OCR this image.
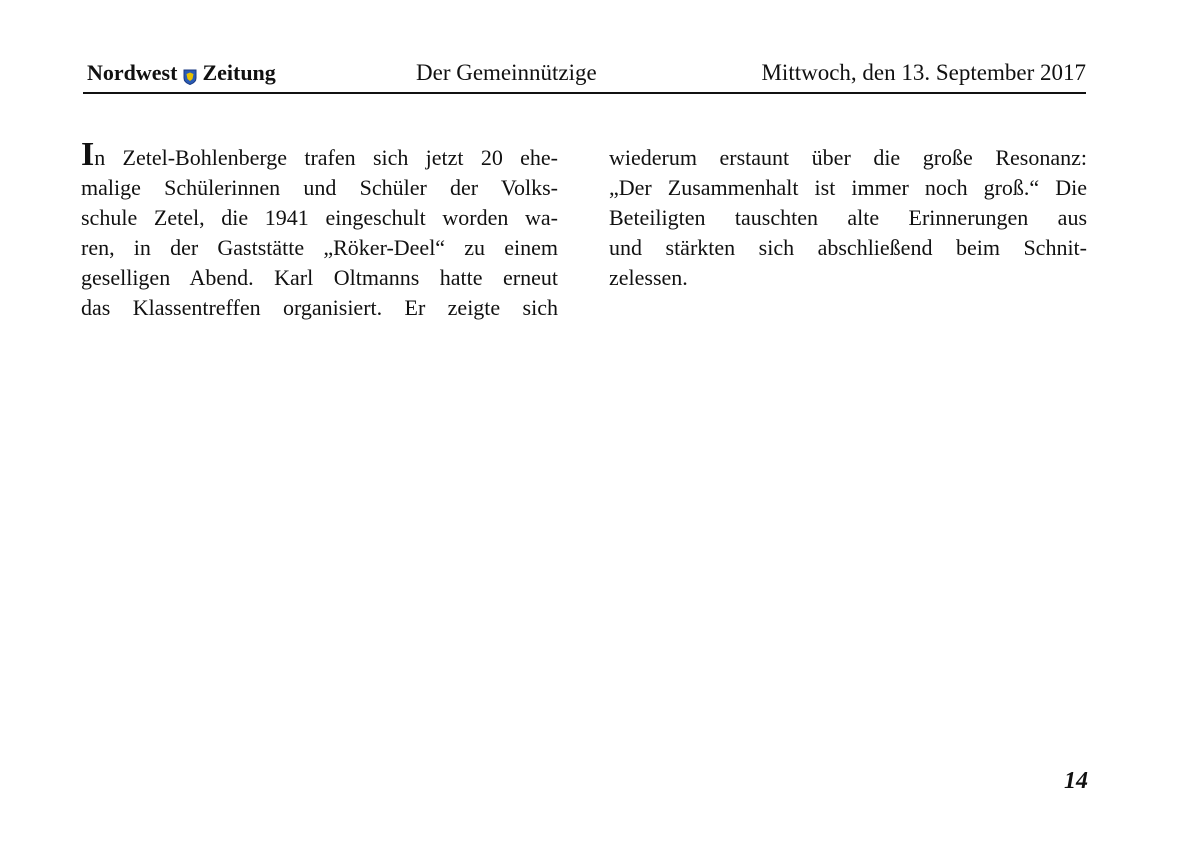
Nordwest Zeitung	Der Gemeinnützige	Mittwoch, den 13. September 2017
In Zetel-Bohlenberge trafen sich jetzt 20 ehe-
malige Schülerinnen und Schüler der Volks-
schule Zetel, die 1941 eingeschult worden wa-
ren, in der Gaststätte „Röker-Deel“ zu einem
geselligen Abend. Karl Oltmanns hatte erneut
das Klassentreffen organisiert. Er zeigte sich
wiederum erstaunt über die große Resonanz:
„Der Zusammenhalt ist immer noch groß.“ Die
Beteiligten tauschten alte Erinnerungen aus
und stärkten sich abschließend beim Schnit-
zelessen.
14
